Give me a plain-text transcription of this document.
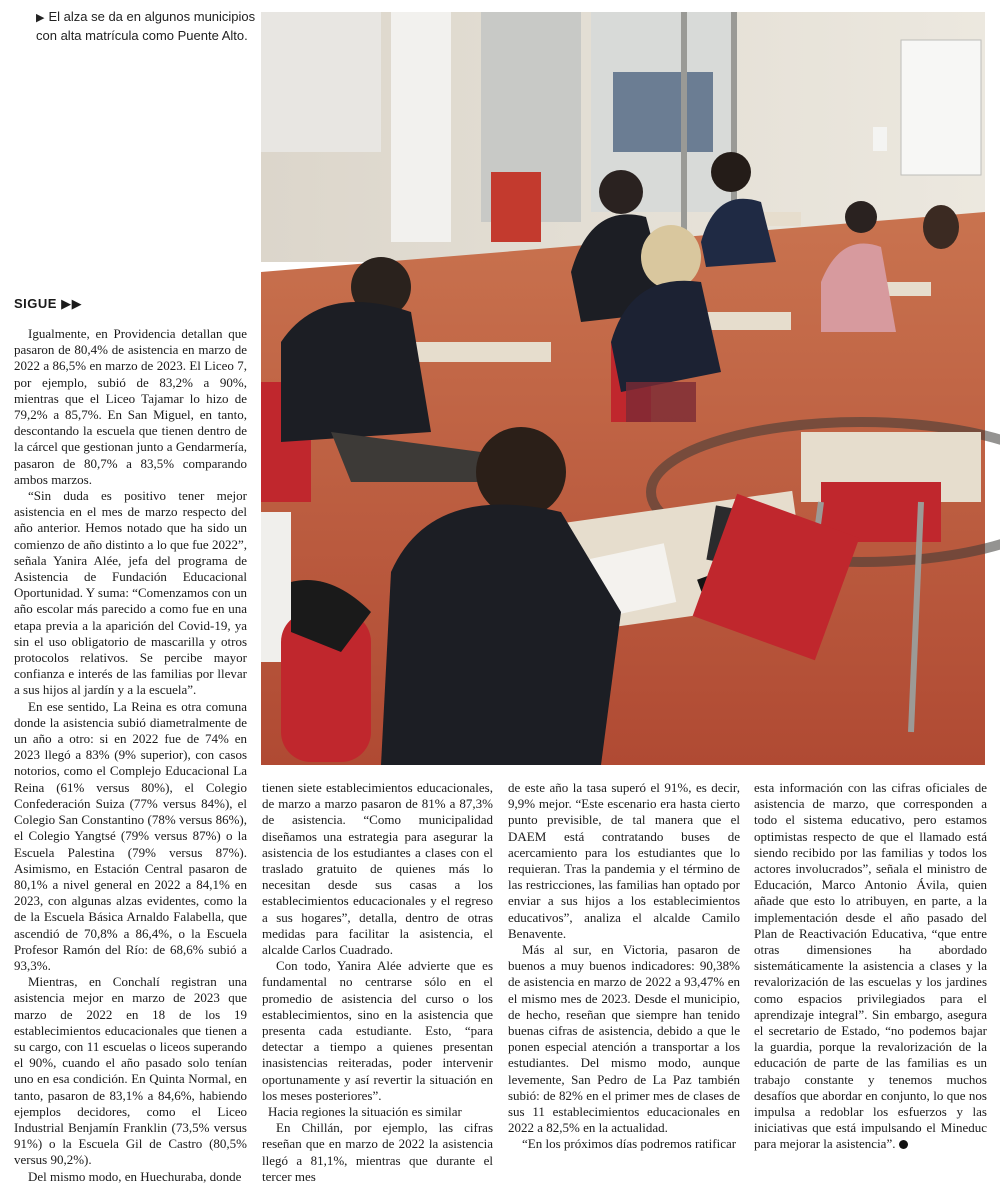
▶ El alza se da en algunos municipios con alta matrícula como Puente Alto.
SIGUE ▶▶

Igualmente, en Providencia detallan que pasaron de 80,4% de asistencia en marzo de 2022 a 86,5% en marzo de 2023. El Liceo 7, por ejemplo, subió de 83,2% a 90%, mientras que el Liceo Tajamar lo hizo de 79,2% a 85,7%. En San Miguel, en tanto, descontando la escuela que tienen dentro de la cárcel que gestionan junto a Gendarmería, pasaron de 80,7% a 83,5% comparando ambos marzos.

“Sin duda es positivo tener mejor asistencia en el mes de marzo respecto del año anterior. Hemos notado que ha sido un comienzo de año distinto a lo que fue 2022”, señala Yanira Alée, jefa del programa de Asistencia de Fundación Educacional Oportunidad. Y suma: “Comenzamos con un año escolar más parecido a como fue en una etapa previa a la aparición del Covid-19, ya sin el uso obligatorio de mascarilla y otros protocolos relativos. Se percibe mayor confianza e interés de las familias por llevar a sus hijos al jardín y a la escuela”.

En ese sentido, La Reina es otra comuna donde la asistencia subió diametralmente de un año a otro: si en 2022 fue de 74% en 2023 llegó a 83% (9% superior), con casos notorios, como el Complejo Educacional La Reina (61% versus 80%), el Colegio Confederación Suiza (77% versus 84%), el Colegio San Constantino (78% versus 86%), el Colegio Yangtsé (79% versus 87%) o la Escuela Palestina (79% versus 87%). Asimismo, en Estación Central pasaron de 80,1% a nivel general en 2022 a 84,1% en 2023, con algunas alzas evidentes, como la de la Escuela Básica Arnaldo Falabella, que ascendió de 70,8% a 86,4%, o la Escuela Profesor Ramón del Río: de 68,6% subió a 93,3%.

Mientras, en Conchalí registran una asistencia mejor en marzo de 2023 que marzo de 2022 en 18 de los 19 establecimientos educacionales que tienen a su cargo, con 11 escuelas o liceos superando el 90%, cuando el año pasado solo tenían uno en esa condición. En Quinta Normal, en tanto, pasaron de 83,1% a 84,6%, habiendo ejemplos decidores, como el Liceo Industrial Benjamín Franklin (73,5% versus 91%) o la Escuela Gil de Castro (80,5% versus 90,2%).

Del mismo modo, en Huechuraba, donde

tienen siete establecimientos educacionales, de marzo a marzo pasaron de 81% a 87,3% de asistencia. “Como municipalidad diseñamos una estrategia para asegurar la asistencia de los estudiantes a clases con el traslado gratuito de quienes más lo necesitan desde sus casas a los establecimientos educacionales y el regreso a sus hogares”, detalla, dentro de otras medidas para facilitar la asistencia, el alcalde Carlos Cuadrado.

Con todo, Yanira Alée advierte que es fundamental no centrarse sólo en el promedio de asistencia del curso o los establecimientos, sino en la asistencia que presenta cada estudiante. Esto, “para detectar a tiempo a quienes presentan inasistencias reiteradas, poder intervenir oportunamente y así revertir la situación en los meses posteriores”.

Hacia regiones la situación es similar

En Chillán, por ejemplo, las cifras reseñan que en marzo de 2022 la asistencia llegó a 81,1%, mientras que durante el tercer mes

de este año la tasa superó el 91%, es decir, 9,9% mejor. “Este escenario era hasta cierto punto previsible, de tal manera que el DAEM está contratando buses de acercamiento para los estudiantes que lo requieran. Tras la pandemia y el término de las restricciones, las familias han optado por enviar a sus hijos a los establecimientos educativos”, analiza el alcalde Camilo Benavente.

Más al sur, en Victoria, pasaron de buenos a muy buenos indicadores: 90,38% de asistencia en marzo de 2022 a 93,47% en el mismo mes de 2023. Desde el municipio, de hecho, reseñan que siempre han tenido buenas cifras de asistencia, debido a que le ponen especial atención a transportar a los estudiantes. Del mismo modo, aunque levemente, San Pedro de La Paz también subió: de 82% en el primer mes de clases de sus 11 establecimientos educacionales en 2022 a 82,5% en la actualidad.

“En los próximos días podremos ratificar

esta información con las cifras oficiales de asistencia de marzo, que corresponden a todo el sistema educativo, pero estamos optimistas respecto de que el llamado está siendo recibido por las familias y todos los actores involucrados”, señala el ministro de Educación, Marco Antonio Ávila, quien añade que esto lo atribuyen, en parte, a la implementación desde el año pasado del Plan de Reactivación Educativa, “que entre otras dimensiones ha abordado sistemáticamente la asistencia a clases y la revalorización de las escuelas y los jardines como espacios privilegiados para el aprendizaje integral”. Sin embargo, asegura el secretario de Estado, “no podemos bajar la guardia, porque la revalorización de la educación de parte de las familias es un trabajo constante y tenemos muchos desafíos que abordar en conjunto, lo que nos impulsa a redoblar los esfuerzos y las iniciativas que está impulsando el Mineduc para mejorar la asistencia”.
